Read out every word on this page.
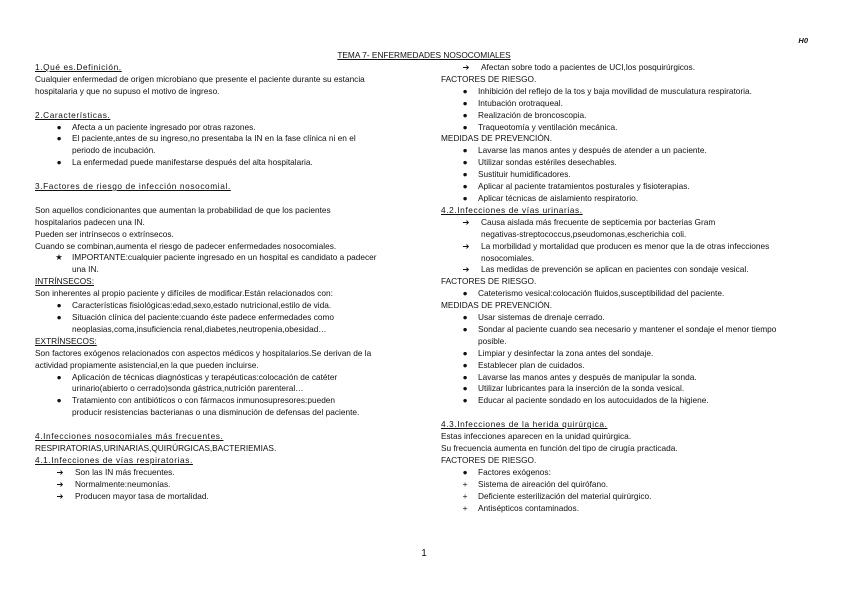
H0
TEMA 7- ENFERMEDADES NOSOCOMIALES
1.Qué es.Definición.
Cualquier enfermedad de origen microbiano que presente el paciente durante su estancia
hospitalaria y que no supuso el motivo de ingreso.
2.Características.
●	Afecta a un paciente ingresado por otras razones.
●	El paciente,antes de su ingreso,no presentaba la IN en la fase clínica ni en el
periodo de incubación.
●	La enfermedad puede manifestarse después del alta hospitalaria.
3.Factores de riesgo de infección nosocomial.
Son aquellos condicionantes que aumentan la probabilidad de que los pacientes
hospitalarios padecen una IN.
Pueden ser intrínsecos o extrínsecos.
Cuando se combinan,aumenta el riesgo de padecer enfermedades nosocomiales.
★ IMPORTANTE:cualquier paciente ingresado en un hospital es candidato a padecer
una IN.
INTRÍNSECOS:
Son inherentes al propio paciente y difíciles de modificar.Están relacionados con:
●	Características fisiológicas:edad,sexo,estado nutricional,estilo de vida.
●	Situación clínica del paciente:cuando éste padece enfermedades como
neoplasias,coma,insuficiencia renal,diabetes,neutropenia,obesidad…
EXTRÍNSECOS:
Son factores exógenos relacionados con aspectos médicos y hospitalarios.Se derivan de la
actividad propiamente asistencial,en la que pueden incluirse.
●	Aplicación de técnicas diagnósticas y terapéuticas:colocación de catéter
urinario(abierto o cerrado)sonda gástrica,nutrición parenteral…
●	Tratamiento con antibióticos o con fármacos inmunosupresores:pueden
producir resistencias bacterianas o una disminución de defensas del paciente.
4.Infecciones nosocomiales más frecuentes.
RESPIRATORIAS,URINARIAS,QUIRÚRGICAS,BACTERIEMIAS.
4.1.Infecciones de vías respiratorias.
➔ Son las IN más frecuentes.
➔ Normalmente:neumonías.
➔ Producen mayor tasa de mortalidad.
➔ Afectan sobre todo a pacientes de UCI,los posquirúrgicos.
FACTORES DE RIESGO.
●	Inhibición del reflejo de la tos y baja movilidad de musculatura respiratoria.
●	Intubación orotraqueal.
●	Realización de broncoscopia.
●	Traqueotomía y ventilación mecánica.
MEDIDAS DE PREVENCIÓN.
●	Lavarse las manos antes y después de atender a un paciente.
●	Utilizar sondas estériles desechables.
●	Sustituir humidificadores.
●	Aplicar al paciente tratamientos posturales y fisioterapias.
●	Aplicar técnicas de aislamiento respiratorio.
4.2.Infecciones de vías urinarias.
➔ Causa aislada más frecuente de septicemia por bacterias Gram
negativas-streptococcus,pseudomonas,escherichia coli.
➔ La morbilidad y mortalidad que producen es menor que la de otras infecciones
nosocomiales.
➔ Las medidas de prevención se aplican en pacientes con sondaje vesical.
FACTORES DE RIESGO.
●	Cateterismo vesical:colocación fluidos,susceptibilidad del paciente.
MEDIDAS DE PREVENCIÓN.
●	Usar sistemas de drenaje cerrado.
●	Sondar al paciente cuando sea necesario y mantener el sondaje el menor tiempo
posible.
●	Limpiar y desinfectar la zona antes del sondaje.
●	Establecer plan de cuidados.
●	Lavarse las manos antes y después de manipular la sonda.
●	Utilizar lubricantes para la inserción de la sonda vesical.
●	Educar al paciente sondado en los autocuidados de la higiene.
4.3.Infecciones de la herida quirúrgica.
Estas infecciones aparecen en la unidad quirúrgica.
Su frecuencia aumenta en función del tipo de cirugía practicada.
FACTORES DE RIESGO.
●	Factores exógenos:
+	Sistema de aireación del quirófano.
+	Deficiente esterilización del material quirúrgico.
+	Antisépticos contaminados.
1
